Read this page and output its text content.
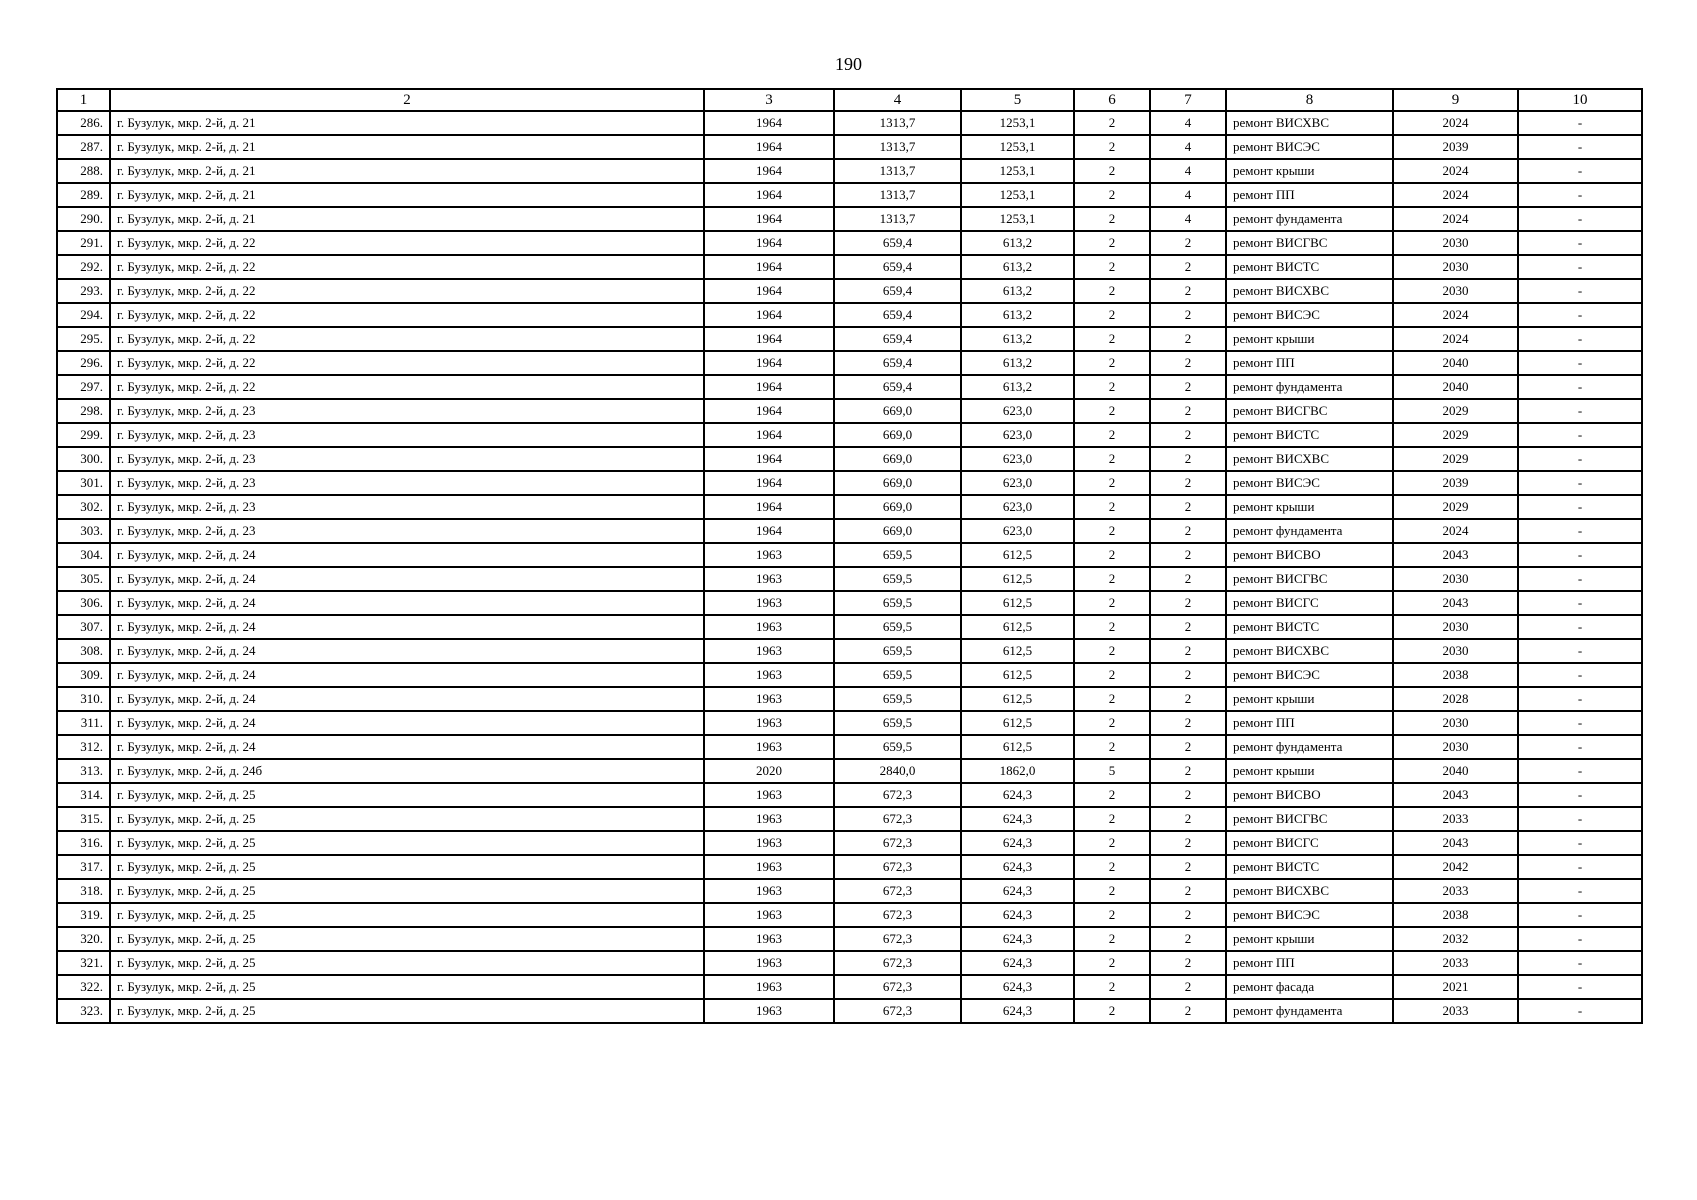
190
1	2	3	4	5	6	7	8	9	10
286.	г. Бузулук, мкр. 2-й, д. 21	1964	1313,7	1253,1	2	4	ремонт ВИСХВС	2024	-
287.	г. Бузулук, мкр. 2-й, д. 21	1964	1313,7	1253,1	2	4	ремонт ВИСЭС	2039	-
288.	г. Бузулук, мкр. 2-й, д. 21	1964	1313,7	1253,1	2	4	ремонт крыши	2024	-
289.	г. Бузулук, мкр. 2-й, д. 21	1964	1313,7	1253,1	2	4	ремонт ПП	2024	-
290.	г. Бузулук, мкр. 2-й, д. 21	1964	1313,7	1253,1	2	4	ремонт фундамента	2024	-
291.	г. Бузулук, мкр. 2-й, д. 22	1964	659,4	613,2	2	2	ремонт ВИСГВС	2030	-
292.	г. Бузулук, мкр. 2-й, д. 22	1964	659,4	613,2	2	2	ремонт ВИСТС	2030	-
293.	г. Бузулук, мкр. 2-й, д. 22	1964	659,4	613,2	2	2	ремонт ВИСХВС	2030	-
294.	г. Бузулук, мкр. 2-й, д. 22	1964	659,4	613,2	2	2	ремонт ВИСЭС	2024	-
295.	г. Бузулук, мкр. 2-й, д. 22	1964	659,4	613,2	2	2	ремонт крыши	2024	-
296.	г. Бузулук, мкр. 2-й, д. 22	1964	659,4	613,2	2	2	ремонт ПП	2040	-
297.	г. Бузулук, мкр. 2-й, д. 22	1964	659,4	613,2	2	2	ремонт фундамента	2040	-
298.	г. Бузулук, мкр. 2-й, д. 23	1964	669,0	623,0	2	2	ремонт ВИСГВС	2029	-
299.	г. Бузулук, мкр. 2-й, д. 23	1964	669,0	623,0	2	2	ремонт ВИСТС	2029	-
300.	г. Бузулук, мкр. 2-й, д. 23	1964	669,0	623,0	2	2	ремонт ВИСХВС	2029	-
301.	г. Бузулук, мкр. 2-й, д. 23	1964	669,0	623,0	2	2	ремонт ВИСЭС	2039	-
302.	г. Бузулук, мкр. 2-й, д. 23	1964	669,0	623,0	2	2	ремонт крыши	2029	-
303.	г. Бузулук, мкр. 2-й, д. 23	1964	669,0	623,0	2	2	ремонт фундамента	2024	-
304.	г. Бузулук, мкр. 2-й, д. 24	1963	659,5	612,5	2	2	ремонт ВИСВО	2043	-
305.	г. Бузулук, мкр. 2-й, д. 24	1963	659,5	612,5	2	2	ремонт ВИСГВС	2030	-
306.	г. Бузулук, мкр. 2-й, д. 24	1963	659,5	612,5	2	2	ремонт ВИСГС	2043	-
307.	г. Бузулук, мкр. 2-й, д. 24	1963	659,5	612,5	2	2	ремонт ВИСТС	2030	-
308.	г. Бузулук, мкр. 2-й, д. 24	1963	659,5	612,5	2	2	ремонт ВИСХВС	2030	-
309.	г. Бузулук, мкр. 2-й, д. 24	1963	659,5	612,5	2	2	ремонт ВИСЭС	2038	-
310.	г. Бузулук, мкр. 2-й, д. 24	1963	659,5	612,5	2	2	ремонт крыши	2028	-
311.	г. Бузулук, мкр. 2-й, д. 24	1963	659,5	612,5	2	2	ремонт ПП	2030	-
312.	г. Бузулук, мкр. 2-й, д. 24	1963	659,5	612,5	2	2	ремонт фундамента	2030	-
313.	г. Бузулук, мкр. 2-й, д. 24б	2020	2840,0	1862,0	5	2	ремонт крыши	2040	-
314.	г. Бузулук, мкр. 2-й, д. 25	1963	672,3	624,3	2	2	ремонт ВИСВО	2043	-
315.	г. Бузулук, мкр. 2-й, д. 25	1963	672,3	624,3	2	2	ремонт ВИСГВС	2033	-
316.	г. Бузулук, мкр. 2-й, д. 25	1963	672,3	624,3	2	2	ремонт ВИСГС	2043	-
317.	г. Бузулук, мкр. 2-й, д. 25	1963	672,3	624,3	2	2	ремонт ВИСТС	2042	-
318.	г. Бузулук, мкр. 2-й, д. 25	1963	672,3	624,3	2	2	ремонт ВИСХВС	2033	-
319.	г. Бузулук, мкр. 2-й, д. 25	1963	672,3	624,3	2	2	ремонт ВИСЭС	2038	-
320.	г. Бузулук, мкр. 2-й, д. 25	1963	672,3	624,3	2	2	ремонт крыши	2032	-
321.	г. Бузулук, мкр. 2-й, д. 25	1963	672,3	624,3	2	2	ремонт ПП	2033	-
322.	г. Бузулук, мкр. 2-й, д. 25	1963	672,3	624,3	2	2	ремонт фасада	2021	-
323.	г. Бузулук, мкр. 2-й, д. 25	1963	672,3	624,3	2	2	ремонт фундамента	2033	-
